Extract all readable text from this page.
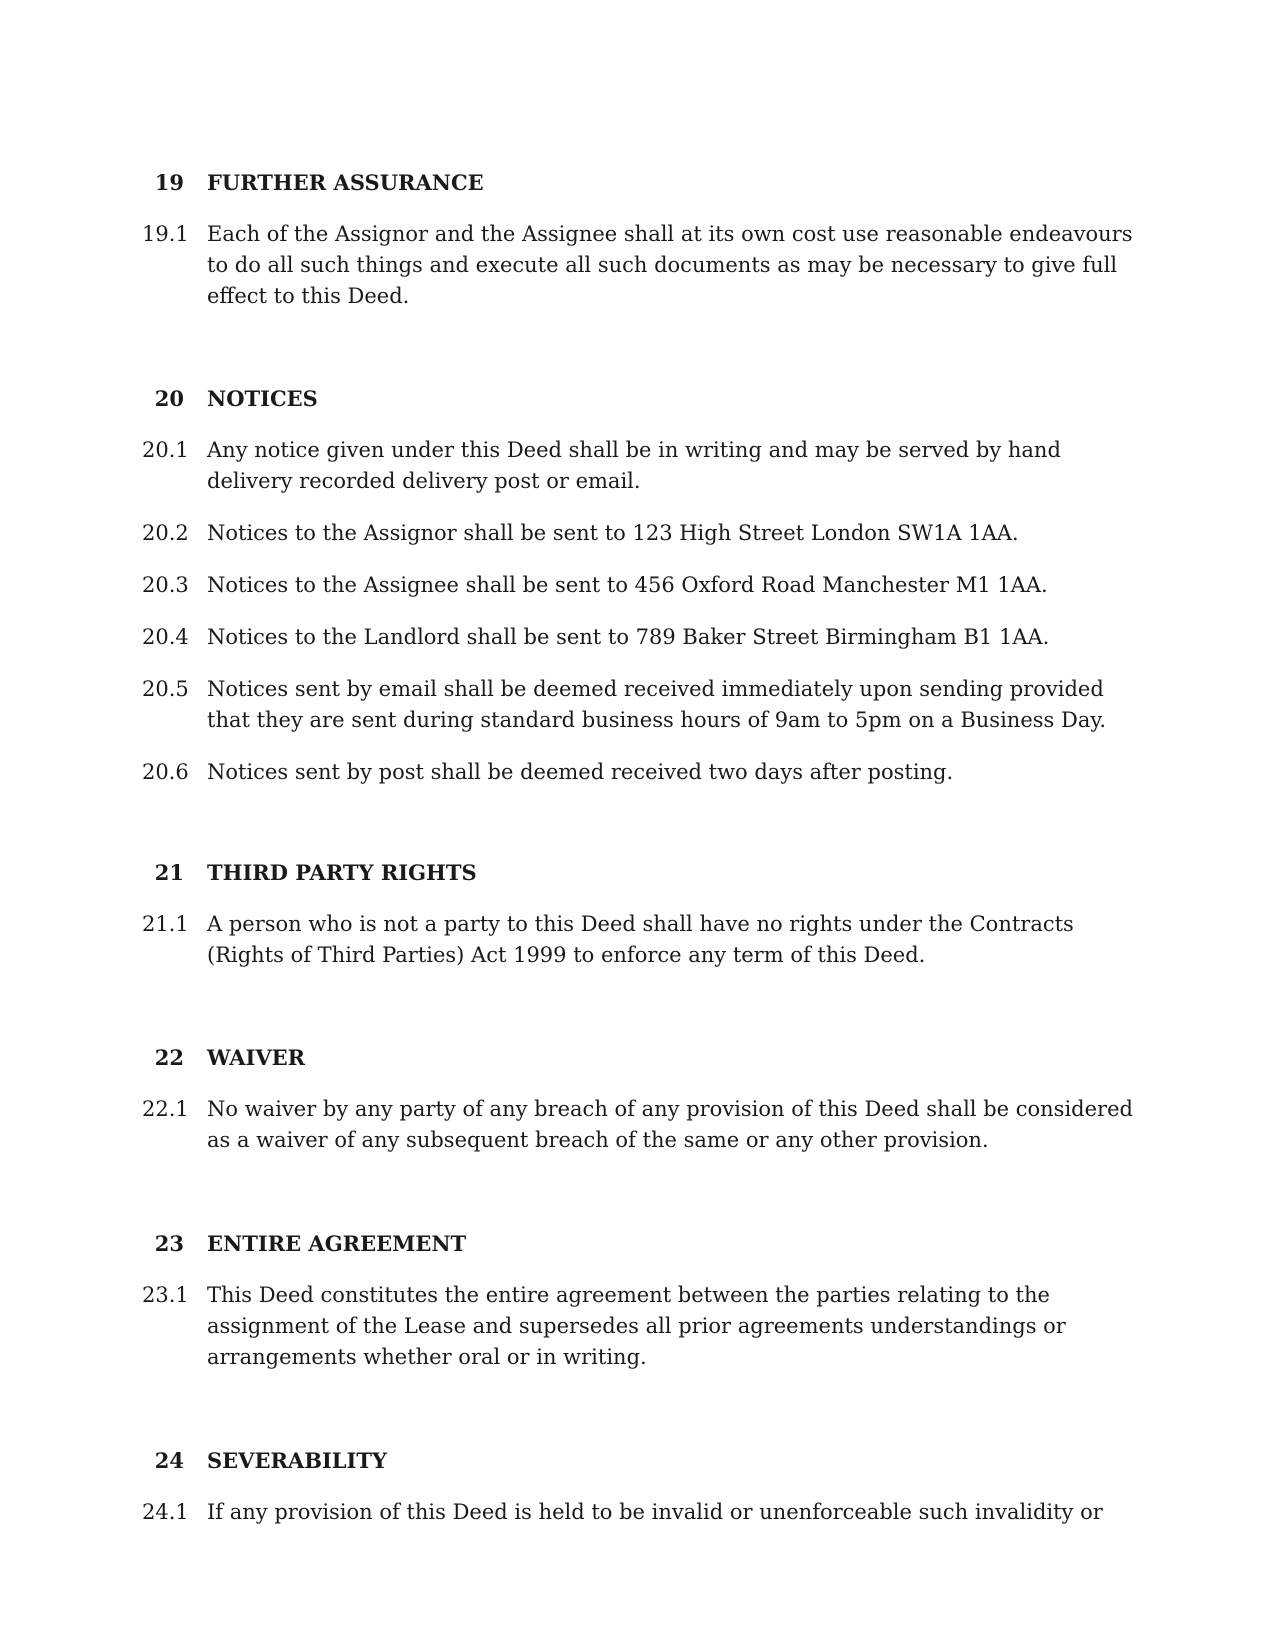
19 FURTHER ASSURANCE
19.1 Each of the Assignor and the Assignee shall at its own cost use reasonable endeavours to do all such things and execute all such documents as may be necessary to give full effect to this Deed.
20 NOTICES
20.1 Any notice given under this Deed shall be in writing and may be served by hand delivery recorded delivery post or email.
20.2 Notices to the Assignor shall be sent to 123 High Street London SW1A 1AA.
20.3 Notices to the Assignee shall be sent to 456 Oxford Road Manchester M1 1AA.
20.4 Notices to the Landlord shall be sent to 789 Baker Street Birmingham B1 1AA.
20.5 Notices sent by email shall be deemed received immediately upon sending provided that they are sent during standard business hours of 9am to 5pm on a Business Day.
20.6 Notices sent by post shall be deemed received two days after posting.
21 THIRD PARTY RIGHTS
21.1 A person who is not a party to this Deed shall have no rights under the Contracts (Rights of Third Parties) Act 1999 to enforce any term of this Deed.
22 WAIVER
22.1 No waiver by any party of any breach of any provision of this Deed shall be considered as a waiver of any subsequent breach of the same or any other provision.
23 ENTIRE AGREEMENT
23.1 This Deed constitutes the entire agreement between the parties relating to the assignment of the Lease and supersedes all prior agreements understandings or arrangements whether oral or in writing.
24 SEVERABILITY
24.1 If any provision of this Deed is held to be invalid or unenforceable such invalidity or
